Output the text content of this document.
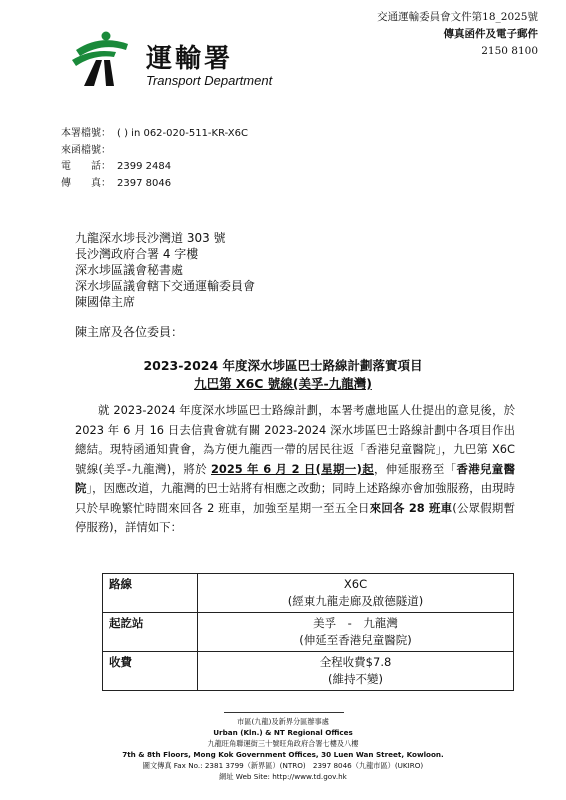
交通運輸委員會文件第18_2025號
傳真函件及電子郵件
2150 8100
運輸署
Transport Department
本署檔號： ( ) in 062-020-511-KR-X6C
來函檔號：
電　　話： 2399 2484
傳　　真： 2397 8046
九龍深水埗長沙灣道 303 號
長沙灣政府合署 4 字樓
深水埗區議會秘書處
深水埗區議會轄下交通運輸委員會
陳國偉主席
陳主席及各位委員：
2023-2024 年度深水埗區巴士路線計劃落實項目
九巴第 X6C 號線(美孚-九龍灣)
  就 2023-2024 年度深水埗區巴士路線計劃，本署考慮地區人仕提出的意見後，於 2023 年 6 月 16 日去信貴會就有關 2023-2024 深水埗區巴士路線計劃中各項目作出總結。現特函通知貴會，為方便九龍西一帶的居民往返「香港兒童醫院」，九巴第 X6C 號線(美孚-九龍灣)，將於 2025 年 6 月 2 日(星期一)起，伸延服務至「香港兒童醫院」，因應改道，九龍灣的巴士站將有相應之改動；同時上述路線亦會加強服務，由現時只於早晚繁忙時間來回各 2 班車，加強至星期一至五全日來回各 28 班車(公眾假期暫停服務)，詳情如下：
路線	X6C
(經東九龍走廊及啟德隧道)

起訖站	美孚　-　九龍灣
(伸延至香港兒童醫院)

收費	全程收費$7.8
(維持不變)
市區(九龍)及新界分區辦事處
Urban (Kln.) & NT Regional Offices
九龍旺角聯運街三十號旺角政府合署七樓及八樓
7th & 8th Floors, Mong Kok Government Offices, 30 Luen Wan Street, Kowloon.
圖文傳真 Fax No.: 2381 3799（新界區）(NTRO)　2397 8046（九龍市區）(UKIRO)
網址 Web Site: http://www.td.gov.hk
